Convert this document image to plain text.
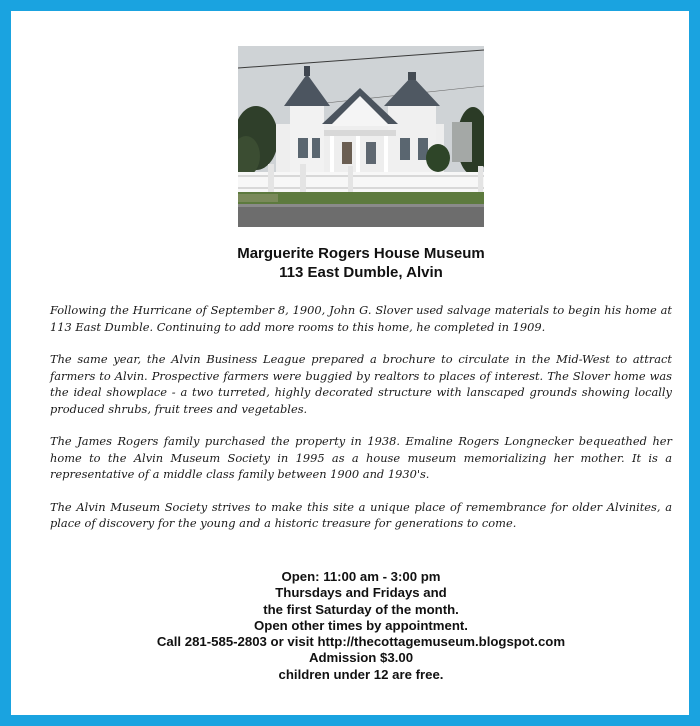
Marguerite Rogers House Museum
113 East Dumble, Alvin

Following the Hurricane of September 8, 1900, John G. Slover used salvage materials to begin his home at 113 East Dumble. Continuing to add more rooms to this home, he completed in 1909.

The same year, the Alvin Business League prepared a brochure to circulate in the Mid-West to attract farmers to Alvin. Prospective farmers were buggied by realtors to places of interest. The Slover home was the ideal showplace - a two turreted, highly decorated structure with lanscaped grounds showing locally produced shrubs, fruit trees and vegetables.

The James Rogers family purchased the property in 1938. Emaline Rogers Longnecker bequeathed her home to the Alvin Museum Society in 1995 as a house museum memorializing her mother. It is a representative of a middle class family between 1900 and 1930's.

The Alvin Museum Society strives to make this site a unique place of remembrance for older Alvinites, a place of discovery for the young and a historic treasure for generations to come.

Open: 11:00 am - 3:00 pm
Thursdays and Fridays and
the first Saturday of the month.
Open other times by appointment.
Call 281-585-2803 or visit http://thecottagemuseum.blogspot.com
Admission $3.00
children under 12 are free.
